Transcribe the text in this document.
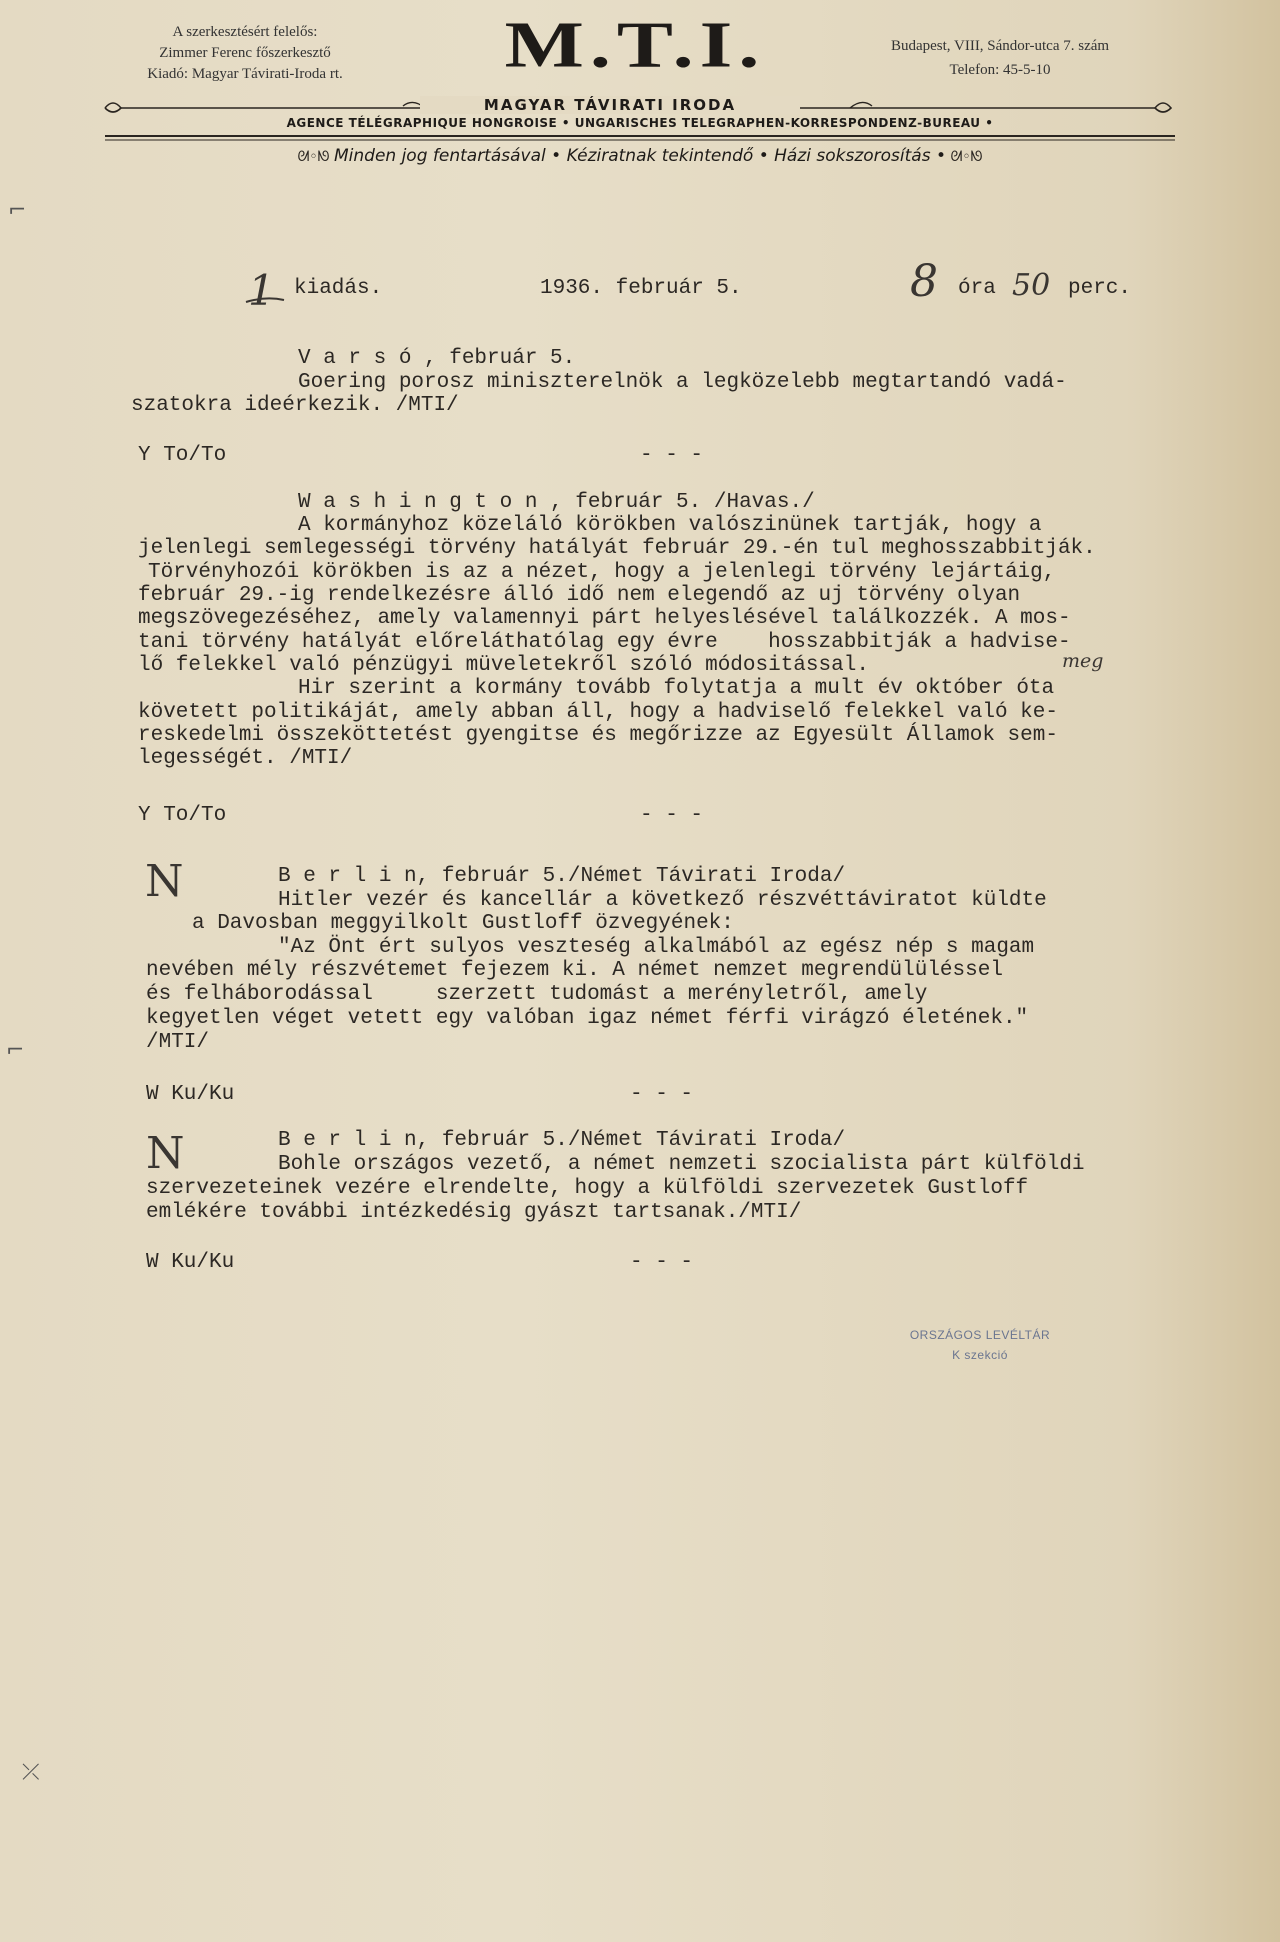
A szerkesztésért felelős:
Zimmer Ferenc főszerkesztő
Kiadó: Magyar Távirati-Iroda rt.	M.T.I.	Budapest, VIII, Sándor-utca 7. szám
Telefon: 45-5-10
MAGYAR TÁVIRATI IRODA
AGENCE TÉLÉGRAPHIQUE HONGROISE • UNGARISCHES TELEGRAPHEN-KORRESPONDENZ-BUREAU •
ᘛ◦ᘚ Minden jog fentartásával • Kéziratnak tekintendő • Házi sokszorosítás • ᘛ◦ᘚ
⌐
⌐
⤫
1 kiadás.	1936. február 5.	8 óra 50 perc.
V a r s ó , február 5.
Goering porosz miniszterelnök a legközelebb megtartandó vadá-
szatokra ideérkezik. /MTI/
Y To/To	- - -
W a s h i n g t o n , február 5. /Havas./
A kormányhoz közeláló körökben valószinünek tartják, hogy a
jelenlegi semlegességi törvény hatályát február 29.-én tul meghosszabbitják.
Törvényhozói körökben is az a nézet, hogy a jelenlegi törvény lejártáig,
február 29.-ig rendelkezésre álló idő nem elegendő az uj törvény olyan
megszövegezéséhez, amely valamennyi párt helyeslésével találkozzék. A mos-
tani törvény hatályát előreláthatólag egy évre    hosszabbitják a hadvise-
lő felekkel való pénzügyi müveletekről szóló módositással.	meg
Hir szerint a kormány tovább folytatja a mult év október óta
követett politikáját, amely abban áll, hogy a hadviselő felekkel való ke-
reskedelmi összeköttetést gyengitse és megőrizze az Egyesült Államok sem-
legességét. /MTI/
Y To/To	- - -
N	B e r l i n, február 5./Német Távirati Iroda/
Hitler vezér és kancellár a következő részvéttáviratot küldte
a Davosban meggyilkolt Gustloff özvegyének:
"Az Önt ért sulyos veszteség alkalmából az egész nép s magam
nevében mély részvétemet fejezem ki. A német nemzet megrendülüléssel
és felháborodással     szerzett tudomást a merényletről, amely
kegyetlen véget vetett egy valóban igaz német férfi virágzó életének."
/MTI/
W Ku/Ku	- - -
N	B e r l i n, február 5./Német Távirati Iroda/
Bohle országos vezető, a német nemzeti szocialista párt külföldi
szervezeteinek vezére elrendelte, hogy a külföldi szervezetek Gustloff
emlékére további intézkedésig gyászt tartsanak./MTI/
W Ku/Ku	- - -
ORSZÁGOS LEVÉLTÁR
K szekció
